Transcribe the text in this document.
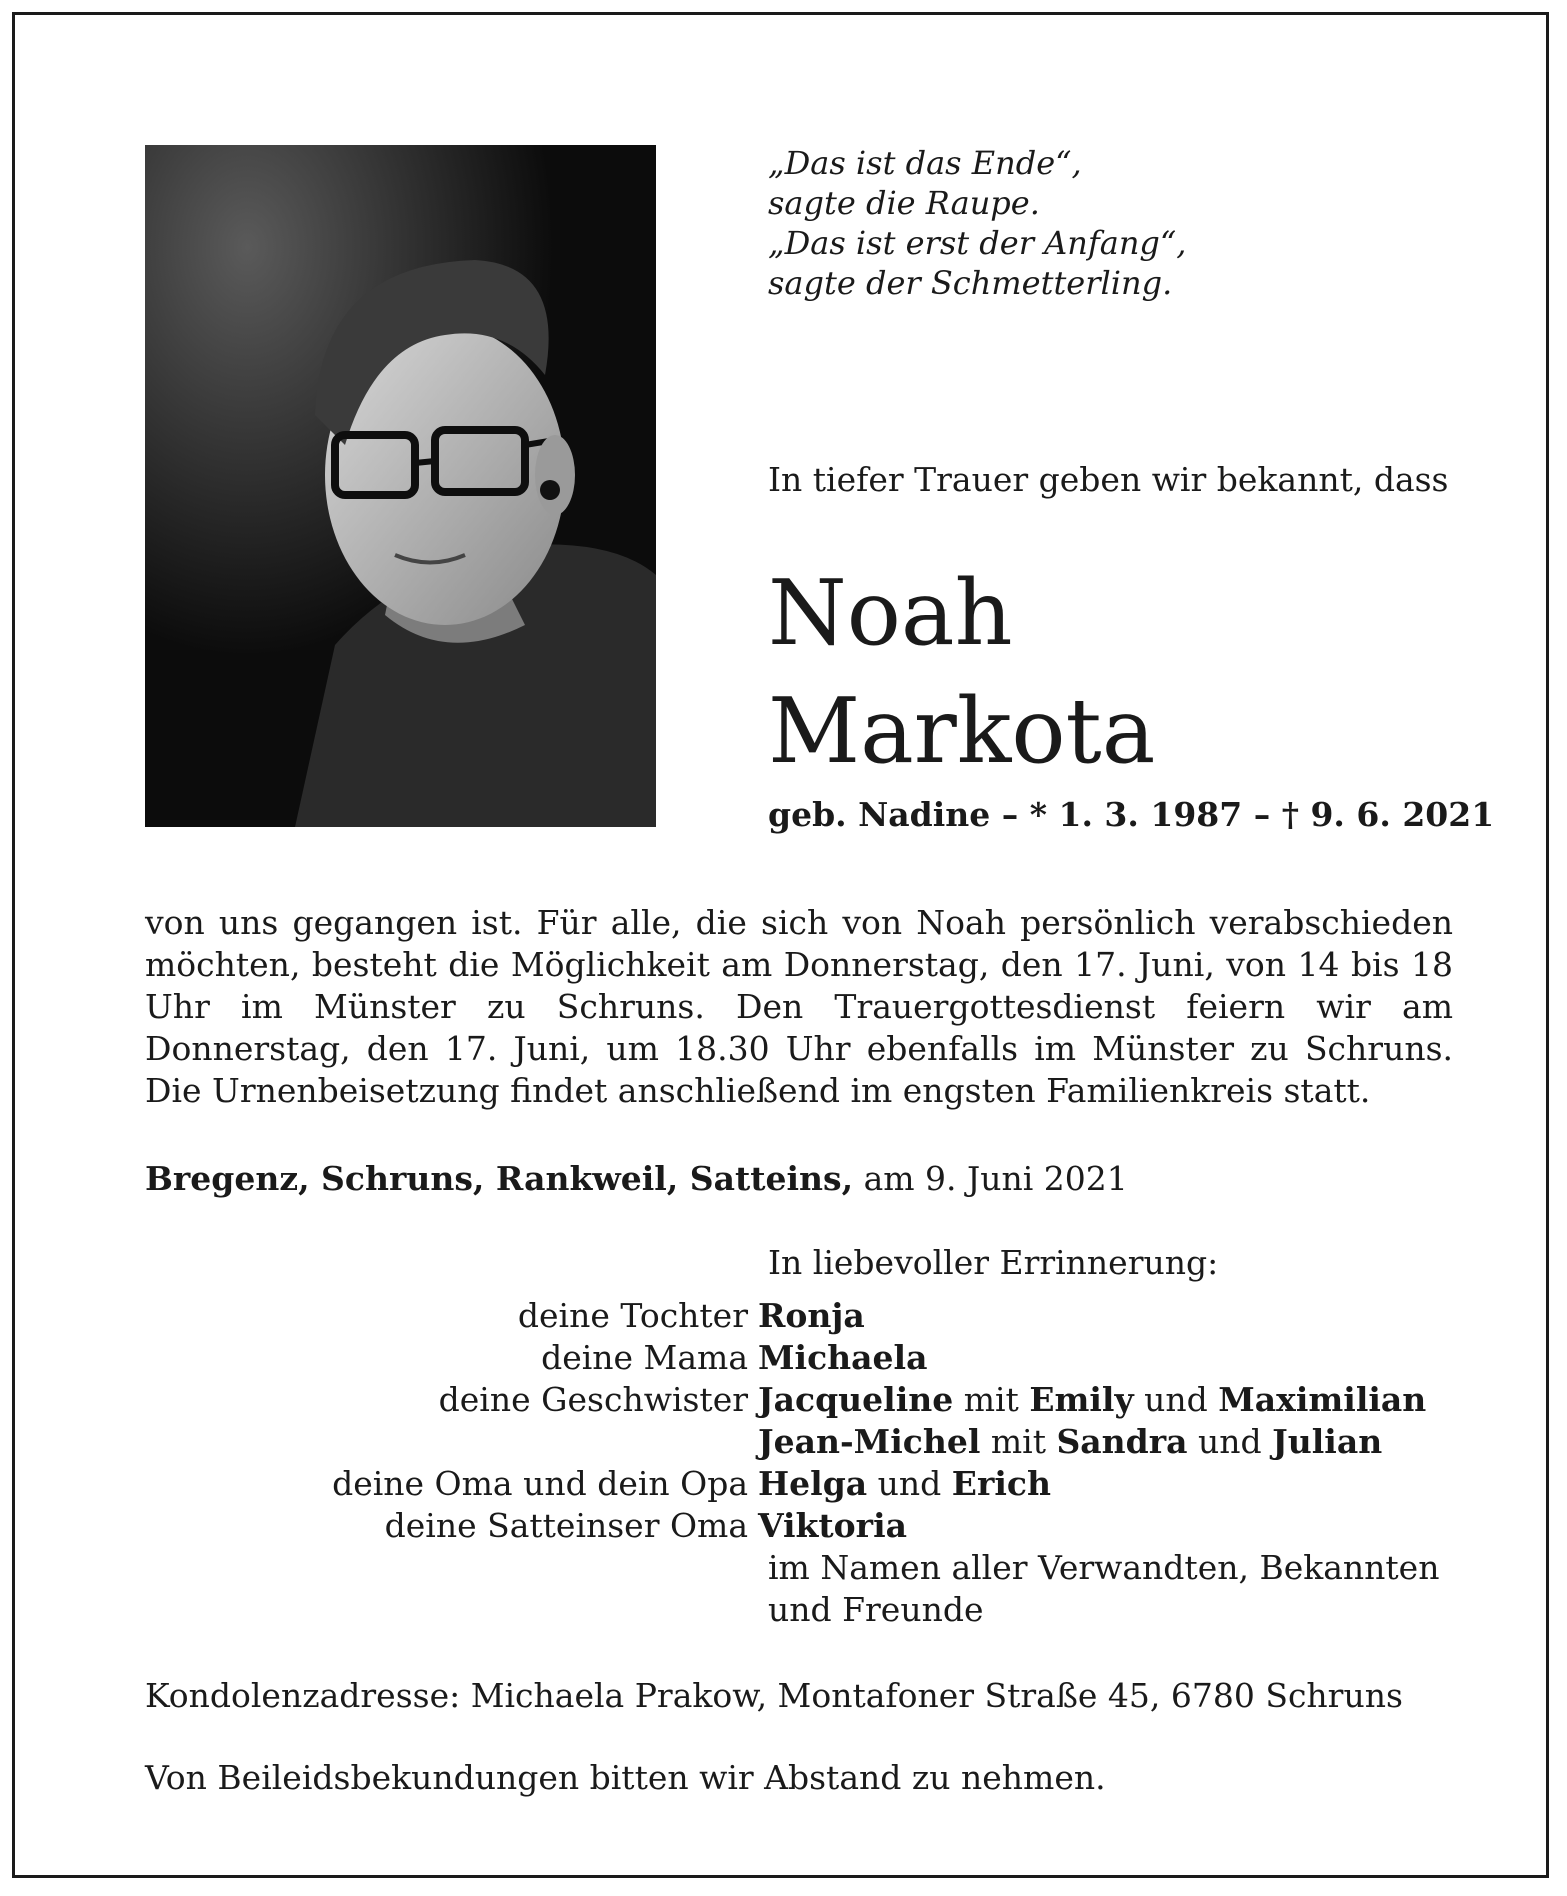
„Das ist das Ende“,
sagte die Raupe.
„Das ist erst der Anfang“,
sagte der Schmetterling.
In tiefer Trauer geben wir bekannt, dass
Noah
Markota
geb. Nadine – * 1. 3. 1987 – † 9. 6. 2021
von uns gegangen ist. Für alle, die sich von Noah persönlich verabschieden möchten, besteht die Möglichkeit am Donnerstag, den 17. Juni, von 14 bis 18 Uhr im Münster zu Schruns. Den Trauergottesdienst feiern wir am Donnerstag, den 17. Juni, um 18.30 Uhr ebenfalls im Münster zu Schruns. Die Urnenbeisetzung findet anschließend im engsten Familienkreis statt.
Bregenz, Schruns, Rankweil, Satteins, am 9. Juni 2021
In liebevoller Errinnerung:
deine Tochter Ronja
deine Mama Michaela
deine Geschwister Jacqueline mit Emily und Maximilian
Jean-Michel mit Sandra und Julian
deine Oma und dein Opa Helga und Erich
deine Satteinser Oma Viktoria
im Namen aller Verwandten, Bekannten
und Freunde
Kondolenzadresse: Michaela Prakow, Montafoner Straße 45, 6780 Schruns
Von Beileidsbekundungen bitten wir Abstand zu nehmen.
